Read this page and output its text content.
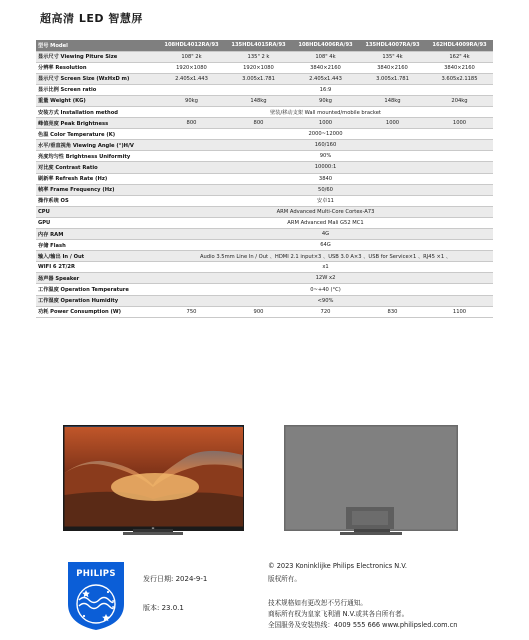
超高清 LED 智慧屏
型号 Model	108HDL4012RA/93	135HDL4015RA/93	108HDL4006RA/93	135HDL4007RA/93	162HDL4009RA/93
显示尺寸 Viewing Piture Size	108" 2k	135" 2 k	108" 4k	135" 4k	162" 4k
分辨率 Resolution	1920×1080	1920×1080	3840×2160	3840×2160	3840×2160
显示尺寸 Screen Size (WxHxD m)	2.405x1.443	3.005x1.781	2.405x1.443	3.005x1.781	3.605x2.1185
显示比例 Screen ratio	16:9				
重量 Weight (KG)	90kg	148kg	90kg	148kg	204kg
安装方式 Installation method	壁装/移动支架 Wall mounted/mobile bracket				
峰值亮度 Peak Brightness	800	800	1000	1000	1000
色温 Color Temperature (K)	2000~12000				
水平/垂直视角 Viewing Angle (°)H/V	160/160				
亮度均匀性 Brightness Uniformity	90%				
对比度 Contrast Ratio	10000:1				
刷新率 Refresh Rate (Hz)	3840				
帧率 Frame Frequency (Hz)	50/60				
操作系统 OS	安卓11				
CPU	ARM Advanced Multi-Core Cortex-A73				
GPU	ARM Advanced Mali G52 MC1				
内存 RAM	4G				
存储 Flash	64G				
输入/输出 In / Out	Audio 3.5mm Line In / Out 、HDMI 2.1 input×3 、USB 3.0 A×3 、USB for Service×1 、RJ45 ×1 、				
WIFI 6 2T/2R	x1				
扬声器 Speaker	12W x2				
工作温度 Operation Temperature	0~+40 (°C)				
工作湿度 Operation Humidity	<90%				
功耗 Power Consumption (W)	750	900	720	830	1100
▬
PHILIPS	发行日期: 2024-9-1
版本: 23.0.1
© 2023 Koninklijke Philips Electronics N.V.
版权所有。
技术规格如有更改恕不另行通知。
商标所有权为皇家飞利浦 N.V.或其各自所有者。
全国服务及安装热线：4009 555 666 www.philipsled.com.cn
